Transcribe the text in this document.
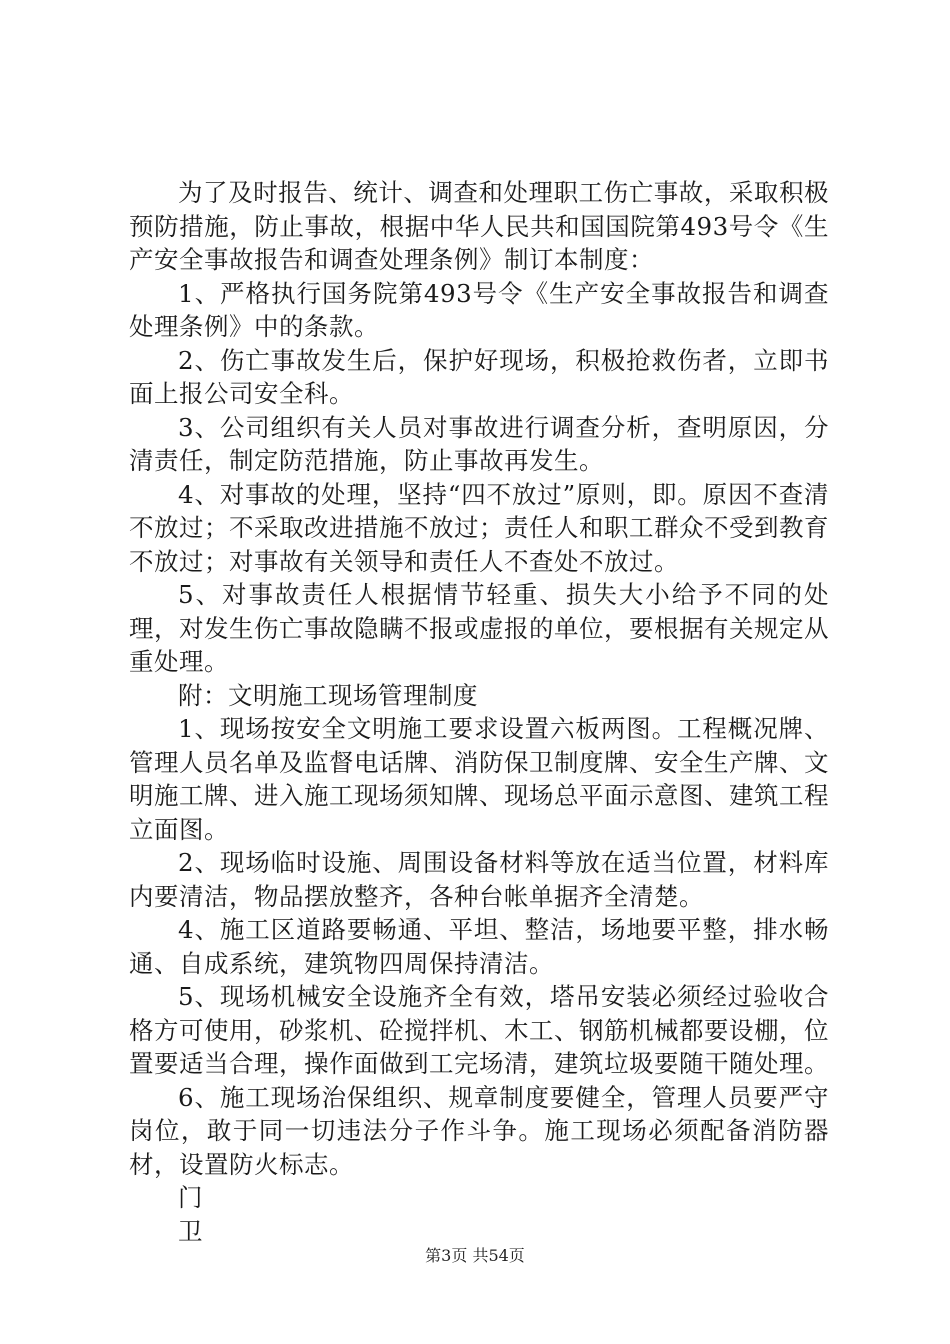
为了及时报告、统计、调查和处理职工伤亡事故，采取积极预防措施，防止事故，根据中华人民共和国国院第493号令《生产安全事故报告和调查处理条例》制订本制度：

1、严格执行国务院第493号令《生产安全事故报告和调查处理条例》中的条款。

2、伤亡事故发生后，保护好现场，积极抢救伤者，立即书面上报公司安全科。

3、公司组织有关人员对事故进行调查分析，查明原因，分清责任，制定防范措施，防止事故再发生。

4、对事故的处理，坚持“四不放过”原则，即。原因不查清不放过；不采取改进措施不放过；责任人和职工群众不受到教育不放过；对事故有关领导和责任人不查处不放过。

5、对事故责任人根据情节轻重、损失大小给予不同的处理，对发生伤亡事故隐瞒不报或虚报的单位，要根据有关规定从重处理。

附：文明施工现场管理制度

1、现场按安全文明施工要求设置六板两图。工程概况牌、管理人员名单及监督电话牌、消防保卫制度牌、安全生产牌、文明施工牌、进入施工现场须知牌、现场总平面示意图、建筑工程立面图。

2、现场临时设施、周围设备材料等放在适当位置，材料库内要清洁，物品摆放整齐，各种台帐单据齐全清楚。

4、施工区道路要畅通、平坦、整洁，场地要平整，排水畅通、自成系统，建筑物四周保持清洁。

5、现场机械安全设施齐全有效，塔吊安装必须经过验收合格方可使用，砂浆机、砼搅拌机、木工、钢筋机械都要设棚，位置要适当合理，操作面做到工完场清，建筑垃圾要随干随处理。

6、施工现场治保组织、规章制度要健全，管理人员要严守岗位，敢于同一切违法分子作斗争。施工现场必须配备消防器材，设置防火标志。

门

卫

第3页 共54页
